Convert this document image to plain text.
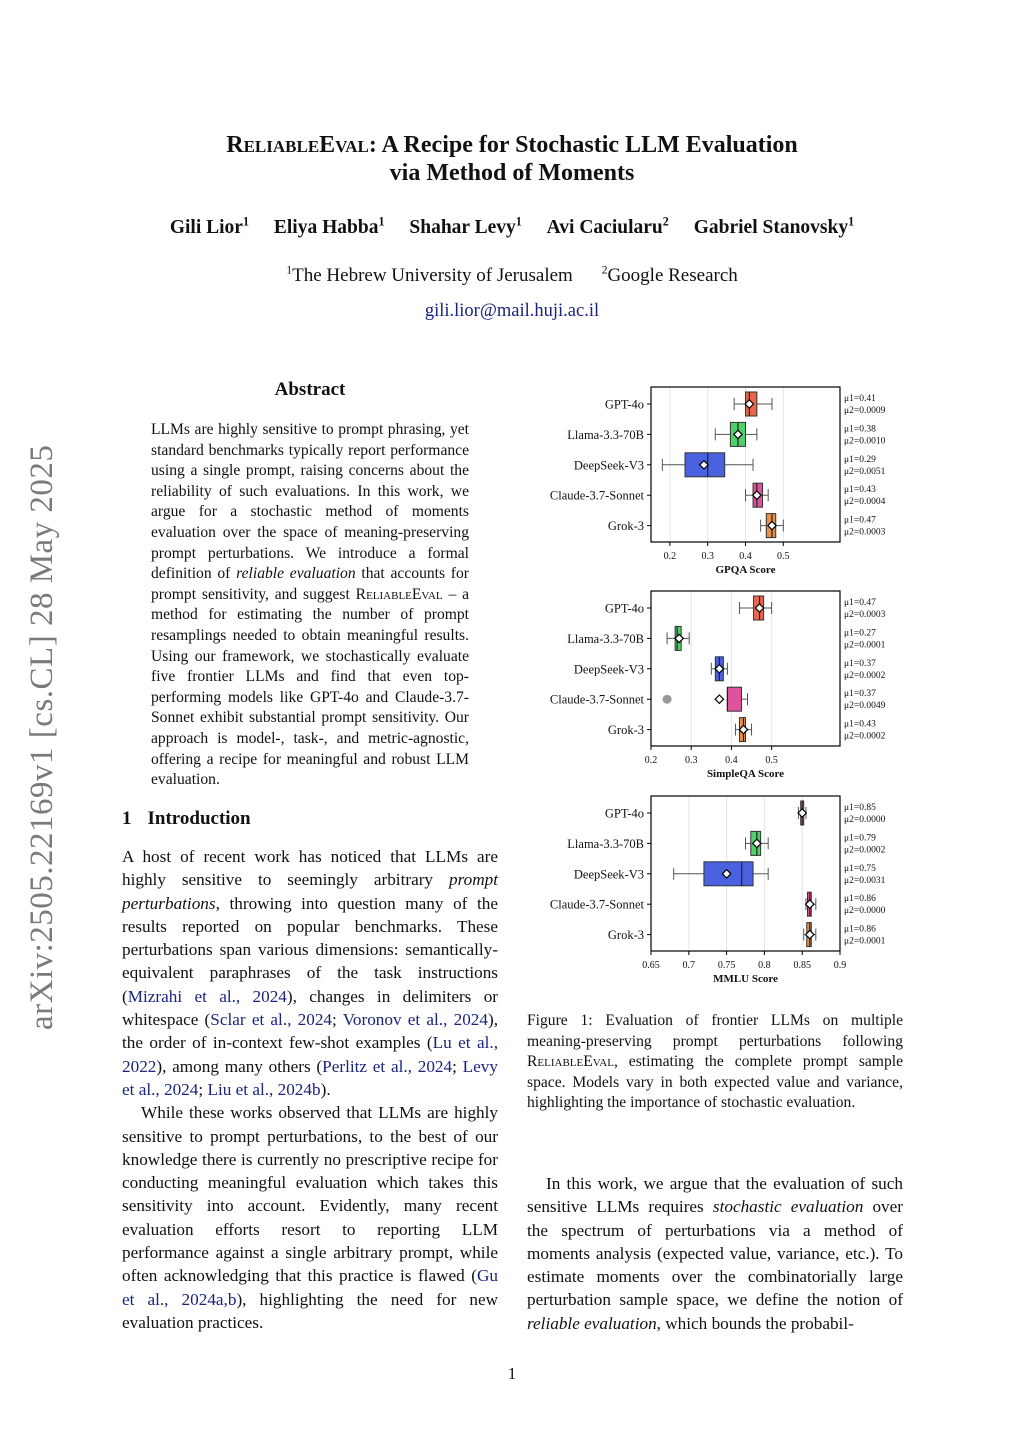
arXiv:2505.22169v1 [cs.CL] 28 May 2025
ReliableEval: A Recipe for Stochastic LLM Evaluation
via Method of Moments
Gili Lior$^1$ Eliya Habba$^1$ Shahar Levy$^1$ Avi Caciularu$^2$ Gabriel Stanovsky$^1$
$^1$The Hebrew University of Jerusalem $^2$Google Research
gili.lior@mail.huji.ac.il
Abstract
LLMs are highly sensitive to prompt phrasing, yet standard benchmarks typically report performance using a single prompt, raising concerns about the reliability of such evaluations. In this work, we argue for a stochastic method of moments evaluation over the space of meaning-preserving prompt perturbations. We introduce a formal definition of reliable evaluation that accounts for prompt sensitivity, and suggest ReliableEval – a method for estimating the number of prompt resamplings needed to obtain meaningful results. Using our framework, we stochastically evaluate five frontier LLMs and find that even top-performing models like GPT-4o and Claude-3.7-Sonnet exhibit substantial prompt sensitivity. Our approach is model-, task-, and metric-agnostic, offering a recipe for meaningful and robust LLM evaluation.
1 Introduction

A host of recent work has noticed that LLMs are highly sensitive to seemingly arbitrary prompt perturbations, throwing into question many of the results reported on popular benchmarks. These perturbations span various dimensions: semantically-equivalent paraphrases of the task instructions (Mizrahi et al., 2024), changes in delimiters or whitespace (Sclar et al., 2024; Voronov et al., 2024), the order of in-context few-shot examples (Lu et al., 2022), among many others (Perlitz et al., 2024; Levy et al., 2024; Liu et al., 2024b).

While these works observed that LLMs are highly sensitive to prompt perturbations, to the best of our knowledge there is currently no prescriptive recipe for conducting meaningful evaluation which takes this sensitivity into account. Evidently, many recent evaluation efforts resort to reporting LLM performance against a single arbitrary prompt, while often acknowledging that this practice is flawed (Gu et al., 2024a,b), highlighting the need for new evaluation practices.

GPT-4o	μ1=0.41
μ2=0.0009
Llama-3.3-70B	μ1=0.38
μ2=0.0010
DeepSeek-V3	μ1=0.29
μ2=0.0051
Claude-3.7-Sonnet	μ1=0.43
μ2=0.0004
Grok-3	μ1=0.47
μ2=0.0003
0.2	0.3	0.4	0.5
GPQA Score
GPT-4o	μ1=0.47
μ2=0.0003
Llama-3.3-70B	μ1=0.27
μ2=0.0001
DeepSeek-V3	μ1=0.37
μ2=0.0002
Claude-3.7-Sonnet	μ1=0.37
μ2=0.0049
Grok-3	μ1=0.43
μ2=0.0002
0.2	0.3	0.4	0.5
SimpleQA Score
GPT-4o	μ1=0.85
μ2=0.0000
Llama-3.3-70B	μ1=0.79
μ2=0.0002
DeepSeek-V3	μ1=0.75
μ2=0.0031
Claude-3.7-Sonnet	μ1=0.86
μ2=0.0000
Grok-3	μ1=0.86
μ2=0.0001
0.65 0.7 0.75 0.8 0.85 0.9
MMLU Score
Figure 1: Evaluation of frontier LLMs on multiple meaning-preserving prompt perturbations following ReliableEval, estimating the complete prompt sample space. Models vary in both expected value and variance, highlighting the importance of stochastic evaluation.
In this work, we argue that the evaluation of such sensitive LLMs requires stochastic evaluation over the spectrum of perturbations via a method of moments analysis (expected value, variance, etc.). To estimate moments over the combinatorially large perturbation sample space, we define the notion of reliable evaluation, which bounds the probabil-
1
